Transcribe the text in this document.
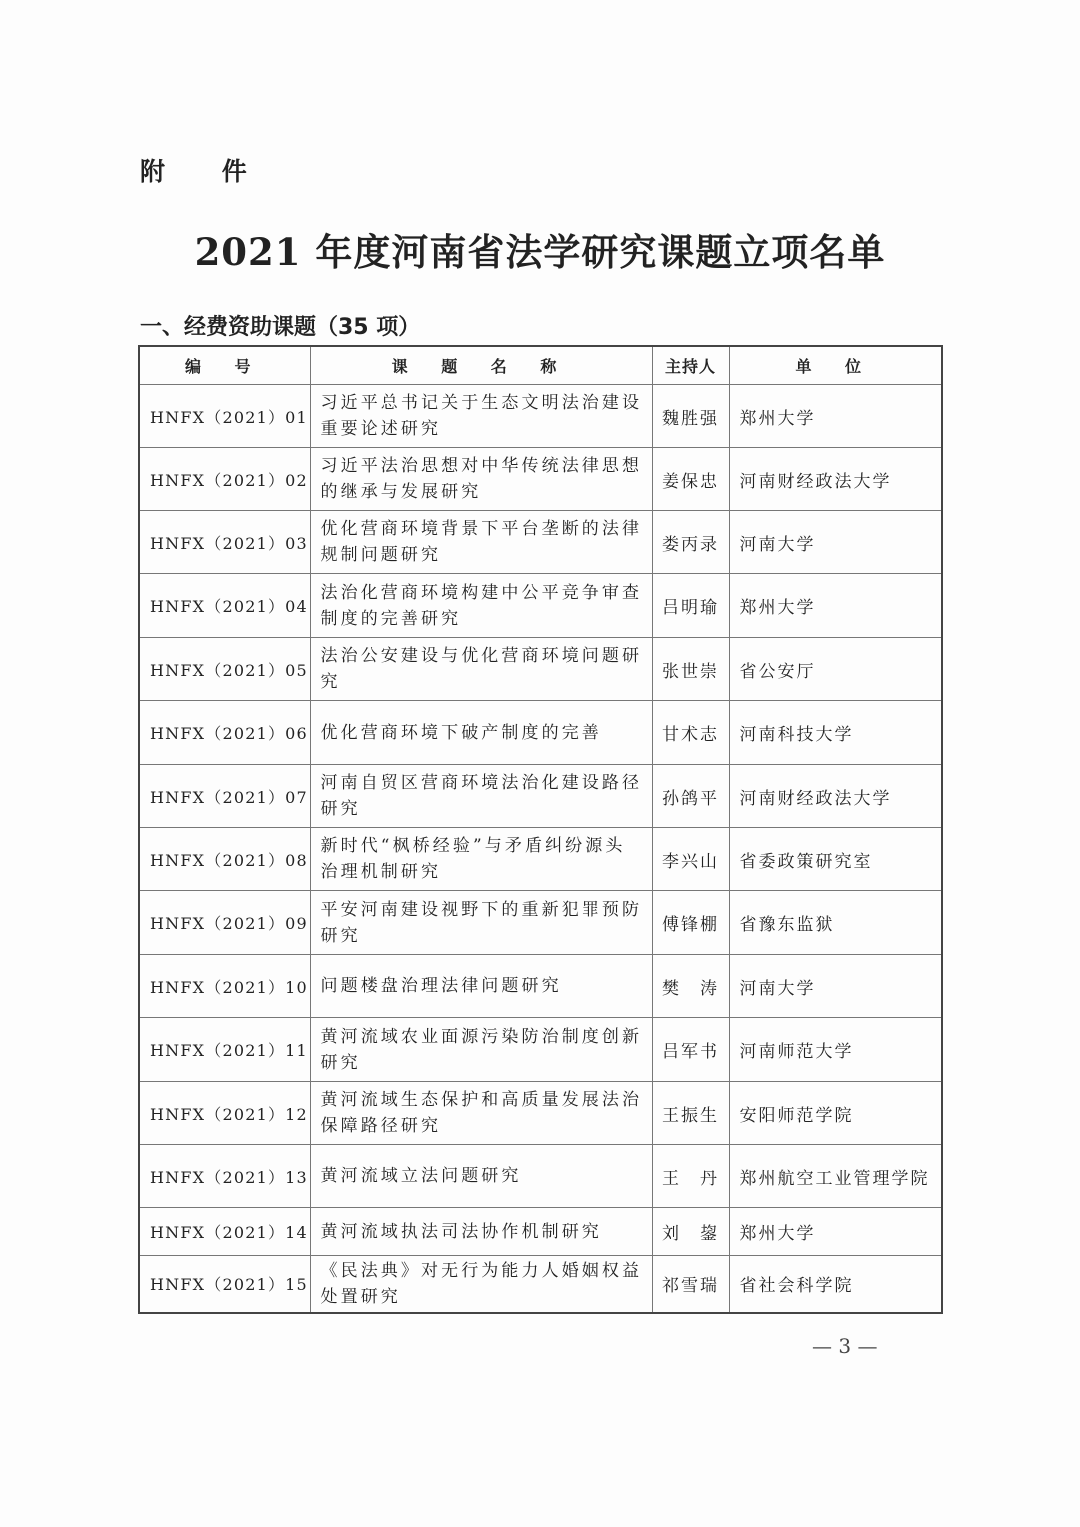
附 件
2021 年度河南省法学研究课题立项名单
一、经费资助课题（35 项）
编 号	课 题 名 称	主持人	单 位
HNFX（2021）01	习近平总书记关于生态文明法治建设重要论述研究	魏胜强	郑州大学
HNFX（2021）02	习近平法治思想对中华传统法律思想的继承与发展研究	姜保忠	河南财经政法大学
HNFX（2021）03	优化营商环境背景下平台垄断的法律规制问题研究	娄丙录	河南大学
HNFX（2021）04	法治化营商环境构建中公平竞争审查制度的完善研究	吕明瑜	郑州大学
HNFX（2021）05	法治公安建设与优化营商环境问题研究	张世崇	省公安厅
HNFX（2021）06	优化营商环境下破产制度的完善	甘术志	河南科技大学
HNFX（2021）07	河南自贸区营商环境法治化建设路径研究	孙鸽平	河南财经政法大学
HNFX（2021）08	新时代“枫桥经验”与矛盾纠纷源头治理机制研究	李兴山	省委政策研究室
HNFX（2021）09	平安河南建设视野下的重新犯罪预防研究	傅锋棚	省豫东监狱
HNFX（2021）10	问题楼盘治理法律问题研究	樊　涛	河南大学
HNFX（2021）11	黄河流域农业面源污染防治制度创新研究	吕军书	河南师范大学
HNFX（2021）12	黄河流域生态保护和高质量发展法治保障路径研究	王振生	安阳师范学院
HNFX（2021）13	黄河流域立法问题研究	王　丹	郑州航空工业管理学院
HNFX（2021）14	黄河流域执法司法协作机制研究	刘　鋆	郑州大学
HNFX（2021）15	《民法典》对无行为能力人婚姻权益处置研究	祁雪瑞	省社会科学院
— 3 —
